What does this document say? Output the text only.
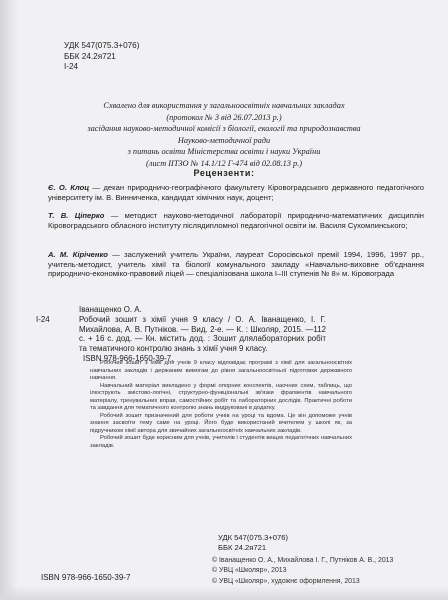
УДК 547(075.3+076)
ББК 24.2я721
І-24
Схвалено для використання у загальноосвітніх навчальних закладах
(протокол № 3 від 26.07.2013 р.)
засідання науково-методичної комісії з біології, екології та природознавства
Науково-методичної ради
з питань освіти Міністерства освіти і науки України
(лист ІІТЗО № 14.1/12 Г-474 від 02.08.13 р.)
Рецензенти:
Є. О. Клоц — декан природничо-географічного факультету Кіровоградського державного педагогічного університету ім. В. Винниченка, кандидат хімічних наук, доцент;
Т. В. Ціперко — методист науково-методичної лабораторії природничо-математичних дисциплін Кіровоградського обласного інституту післядипломної педагогічної освіти ім. Василя Сухомлинського;
А. М. Кіріченко — заслужений учитель України, лауреат Соросівської премії 1994, 1996, 1997 рр., учитель-методист, учитель хімії та біології комунального закладу «Навчально-виховне об'єднання природничо-економіко-правовий ліцей — спеціалізована школа І–ІІІ ступенів № 8» м. Кіровограда
Іванащенко О. А.
І-24	Робочий зошит з хімії учня 9 класу / О. А. Іванащенко, І. Г. Михайлова, А. В. Путніков. — Вид. 2-е. — К. : Школяр, 2015. —112 с. + 16 с. дод. — Кн. містить дод. : Зошит длялабораторних робіт та тематичного контролю знань з хімії учня 9 класу.
ISBN 978-966-1650-39-7.

Робочий зошит з хімії для учнів 9 класу відповідає програмі з хімії для загальноосвітніх навчальних закладів і держаним вимогам до рівня загальноосвітньої підготовки державного навчання.

Навчальний матеріал викладено у формі опорних конспектів, наочних схем, таблиць, що ілюструють змістово-логічні, структурно-функціональні зв'язки фрагментів навчального матеріалу, тренувальних вправ, самостійних робіт та лабораторних дослідів. Практичні роботи та завдання для тематичного контролю знань видруковані в додатку.

Робочий зошит призначений для роботи учнів на уроці та вдома. Це він допоможе учнів знання засвоїти тему саме на уроці. Його буде використаний вчителем у школі як, за підручником хімії автора для звичайних загальноосвітніх навчальних закладів.

Робочий зошит буде корисним для учнів, учителів і студентів вищих педагогічних навчальних закладів.

УДК 547(075.3+076)
ББК 24.2я721
© Іванащенко О. А., Михайлова І. Г., Путніков А. В., 2013
© УВЦ «Школяр», 2013
© УВЦ «Школяр», художнє оформлення, 2013
ISBN 978-966-1650-39-7
